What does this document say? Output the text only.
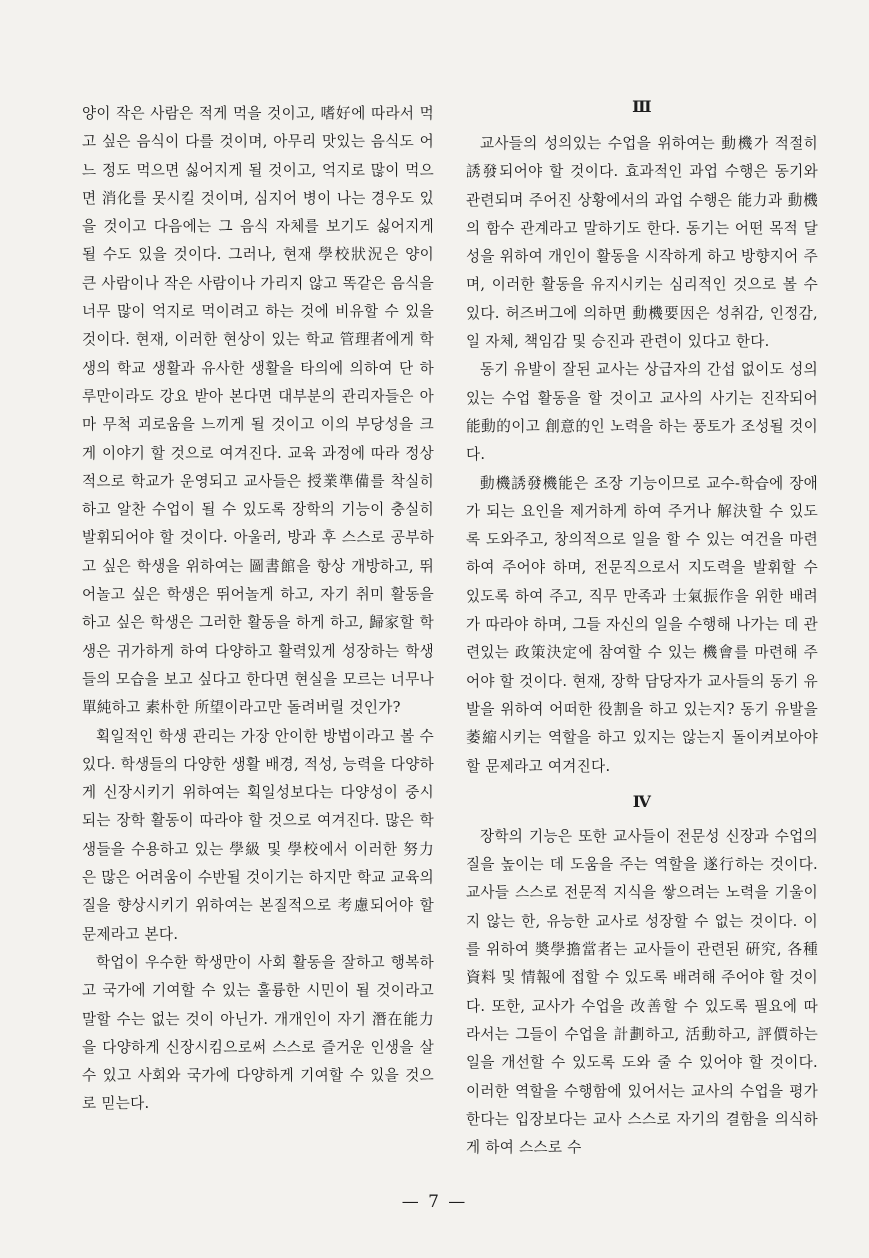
양이 작은 사람은 적게 먹을 것이고, 嗜好에 따라서 먹고 싶은 음식이 다를 것이며, 아무리 맛있는 음식도 어느 정도 먹으면 싫어지게 될 것이고, 억지로 많이 먹으면 消化를 못시킬 것이며, 심지어 병이 나는 경우도 있을 것이고 다음에는 그 음식 자체를 보기도 싫어지게 될 수도 있을 것이다. 그러나, 현재 學校狀況은 양이 큰 사람이나 작은 사람이나 가리지 않고 똑같은 음식을 너무 많이 억지로 먹이려고 하는 것에 비유할 수 있을 것이다. 현재, 이러한 현상이 있는 학교 管理者에게 학생의 학교 생활과 유사한 생활을 타의에 의하여 단 하루만이라도 강요 받아 본다면 대부분의 관리자들은 아마 무척 괴로움을 느끼게 될 것이고 이의 부당성을 크게 이야기 할 것으로 여겨진다. 교육 과정에 따라 정상적으로 학교가 운영되고 교사들은 授業準備를 착실히 하고 알찬 수업이 될 수 있도록 장학의 기능이 충실히 발휘되어야 할 것이다. 아울러, 방과 후 스스로 공부하고 싶은 학생을 위하여는 圖書館을 항상 개방하고, 뛰어놀고 싶은 학생은 뛰어놀게 하고, 자기 취미 활동을 하고 싶은 학생은 그러한 활동을 하게 하고, 歸家할 학생은 귀가하게 하여 다양하고 활력있게 성장하는 학생들의 모습을 보고 싶다고 한다면 현실을 모르는 너무나 單純하고 素朴한 所望이라고만 돌려버릴 것인가?

획일적인 학생 관리는 가장 안이한 방법이라고 볼 수 있다. 학생들의 다양한 생활 배경, 적성, 능력을 다양하게 신장시키기 위하여는 획일성보다는 다양성이 중시되는 장학 활동이 따라야 할 것으로 여겨진다. 많은 학생들을 수용하고 있는 學級 및 學校에서 이러한 努力은 많은 어려움이 수반될 것이기는 하지만 학교 교육의 질을 향상시키기 위하여는 본질적으로 考慮되어야 할 문제라고 본다.

학업이 우수한 학생만이 사회 활동을 잘하고 행복하고 국가에 기여할 수 있는 훌륭한 시민이 될 것이라고 말할 수는 없는 것이 아닌가. 개개인이 자기 潛在能力을 다양하게 신장시킴으로써 스스로 즐거운 인생을 살 수 있고 사회와 국가에 다양하게 기여할 수 있을 것으로 믿는다.

Ⅲ

교사들의 성의있는 수업을 위하여는 動機가 적절히 誘發되어야 할 것이다. 효과적인 과업 수행은 동기와 관련되며 주어진 상황에서의 과업 수행은 能力과 動機의 함수 관계라고 말하기도 한다. 동기는 어떤 목적 달성을 위하여 개인이 활동을 시작하게 하고 방향지어 주며, 이러한 활동을 유지시키는 심리적인 것으로 볼 수 있다. 허즈버그에 의하면 動機要因은 성취감, 인정감, 일 자체, 책임감 및 승진과 관련이 있다고 한다.

동기 유발이 잘된 교사는 상급자의 간섭 없이도 성의있는 수업 활동을 할 것이고 교사의 사기는 진작되어 能動的이고 創意的인 노력을 하는 풍토가 조성될 것이다.

動機誘發機能은 조장 기능이므로 교수-학습에 장애가 되는 요인을 제거하게 하여 주거나 解決할 수 있도록 도와주고, 창의적으로 일을 할 수 있는 여건을 마련하여 주어야 하며, 전문직으로서 지도력을 발휘할 수 있도록 하여 주고, 직무 만족과 士氣振作을 위한 배려가 따라야 하며, 그들 자신의 일을 수행해 나가는 데 관련있는 政策決定에 참여할 수 있는 機會를 마련해 주어야 할 것이다. 현재, 장학 담당자가 교사들의 동기 유발을 위하여 어떠한 役割을 하고 있는지? 동기 유발을 萎縮시키는 역할을 하고 있지는 않는지 돌이켜보아야 할 문제라고 여겨진다.

Ⅳ

장학의 기능은 또한 교사들이 전문성 신장과 수업의 질을 높이는 데 도움을 주는 역할을 遂行하는 것이다. 교사들 스스로 전문적 지식을 쌓으려는 노력을 기울이지 않는 한, 유능한 교사로 성장할 수 없는 것이다. 이를 위하여 奬學擔當者는 교사들이 관련된 硏究, 各種資料 및 情報에 접할 수 있도록 배려해 주어야 할 것이다. 또한, 교사가 수업을 改善할 수 있도록 필요에 따라서는 그들이 수업을 計劃하고, 活動하고, 評價하는 일을 개선할 수 있도록 도와 줄 수 있어야 할 것이다. 이러한 역할을 수행함에 있어서는 교사의 수업을 평가한다는 입장보다는 교사 스스로 자기의 결함을 의식하게 하여 스스로 수

— 7 —
